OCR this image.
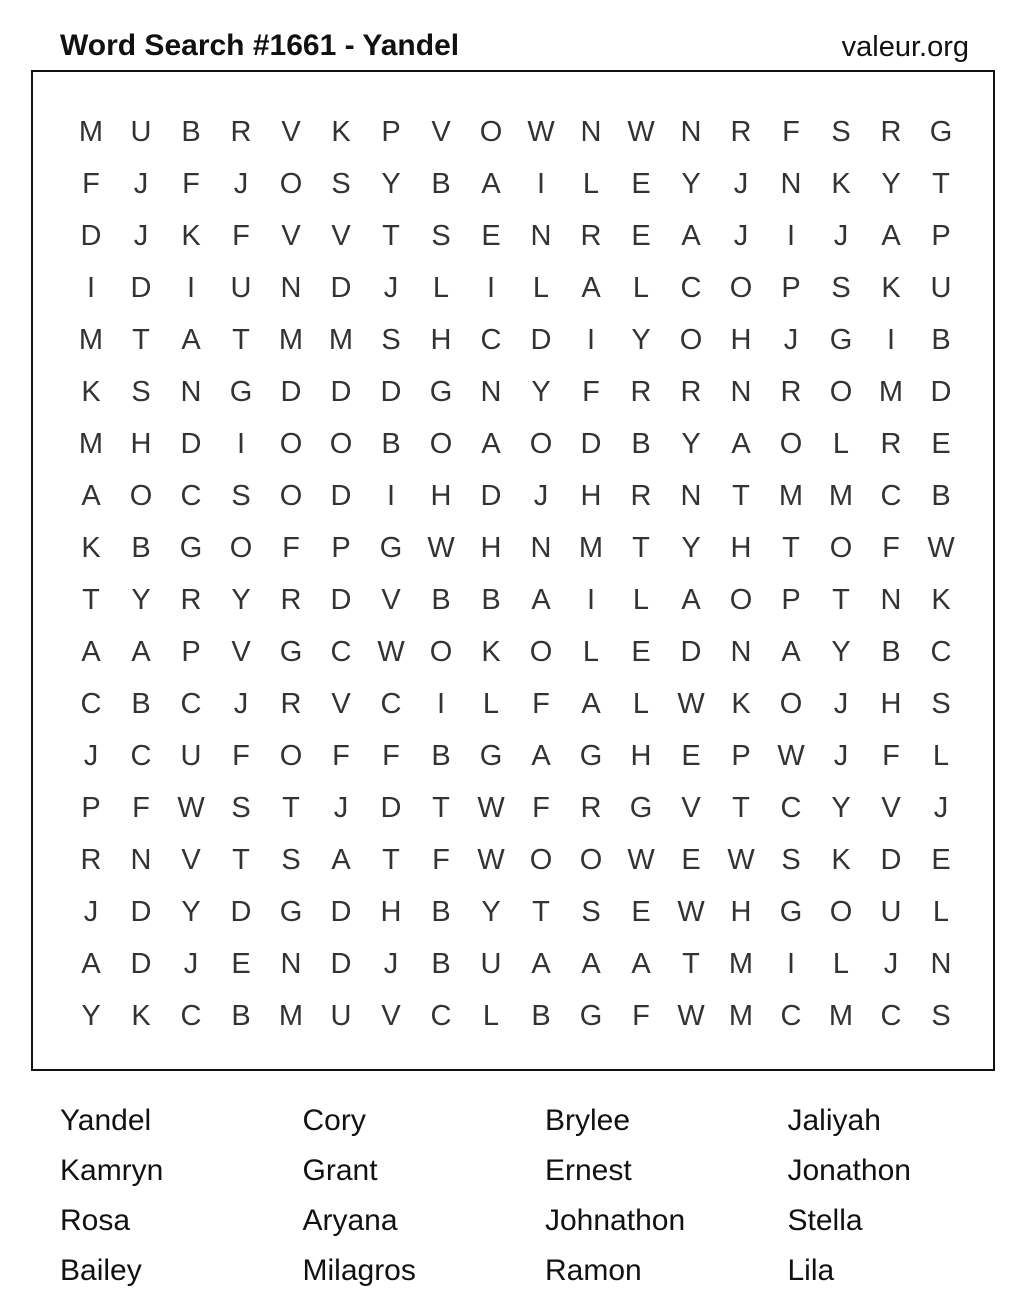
Word Search #1661 - Yandel	valeur.org
M U	B	R	V	K	P	V	O W N W N	R	F	S	R G
F	J	F	J	O	S	Y	B	A	I	L	E	Y	J	N	K	Y	T
D	J	K	F	V	V	T	S	E	N	R	E	A	J	I	J	A	P
I	D	I	U	N	D	J	L	I	L	A	L	C O	P	S	K	U
M	T	A	T	M M S	H	C	D	I	Y	O H	J	G	I	B
K	S	N G D	D	D G N	Y	F	R	R	N	R O M D
M H	D	I	O O	B	O	A	O D	B	Y	A	O	L	R	E
A	O C	S	O D	I	H	D	J	H	R	N	T	M M C	B
K	B	G O	F	P	G W H	N M	T	Y	H	T	O	F W
T	Y	R	Y	R	D	V	B	B	A	I	L	A	O	P	T	N	K
A	A	P	V	G C W O	K	O	L	E	D	N	A	Y	B	C
C	B	C	J	R	V	C	I	L	F	A	L W K	O	J	H	S
J	C	U	F	O	F	F	B	G	A	G H	E	P W	J	F	L
P	F W S	T	J	D	T W F	R G	V	T	C	Y	V	J
R	N	V	T	S	A	T	F W O O W E W S	K	D	E
J	D	Y	D G D	H	B	Y	T	S	E W H G O U	L
A	D	J	E	N	D	J	B	U	A	A	A	T	M	I	L	J	N
Y	K	C	B M U	V	C	L	B	G	F W M C M C	S
Yandel	Cory	Brylee	Jaliyah
Kamryn	Grant	Ernest	Jonathon
Rosa	Aryana	Johnathon	Stella
Bailey	Milagros	Ramon	Lila
